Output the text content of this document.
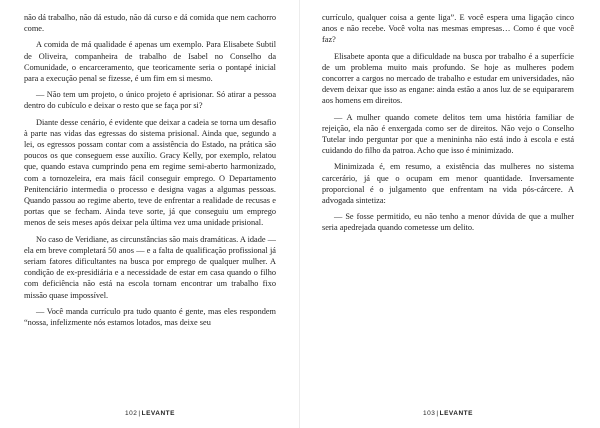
não dá trabalho, não dá estudo, não dá curso e dá comida que nem cachorro come.

A comida de má qualidade é apenas um exemplo. Para Elisabete Subtil de Oliveira, companheira de trabalho de Isabel no Conselho da Comunidade, o encarceramento, que teoricamente seria o pontapé inicial para a execução penal se fizesse, é um fim em si mesmo.

— Não tem um projeto, o único projeto é aprisionar. Só atirar a pessoa dentro do cubículo e deixar o resto que se faça por si?

Diante desse cenário, é evidente que deixar a cadeia se torna um desafio à parte nas vidas das egressas do sistema prisional. Ainda que, segundo a lei, os egressos possam contar com a assistência do Estado, na prática são poucos os que conseguem esse auxílio. Gracy Kelly, por exemplo, relatou que, quando estava cumprindo pena em regime semi-aberto harmonizado, com a tornozeleira, era mais fácil conseguir emprego. O Departamento Penitenciário intermedia o processo e designa vagas a algumas pessoas. Quando passou ao regime aberto, teve de enfrentar a realidade de recusas e portas que se fecham. Ainda teve sorte, já que conseguiu um emprego menos de seis meses após deixar pela última vez uma unidade prisional.

No caso de Veridiane, as circunstâncias são mais dramáticas. A idade — ela em breve completará 50 anos — e a falta de qualificação profissional já seriam fatores dificultantes na busca por emprego de qualquer mulher. A condição de ex-presidiária e a necessidade de estar em casa quando o filho com deficiência não está na escola tornam encontrar um trabalho fixo missão quase impossível.

— Você manda currículo pra tudo quanto é gente, mas eles respondem “nossa, infelizmente nós estamos lotados, mas deixe seu

102|LEVANTE

currículo, qualquer coisa a gente liga”. E você espera uma ligação cinco anos e não recebe. Você volta nas mesmas empresas… Como é que você faz?

Elisabete aponta que a dificuldade na busca por trabalho é a superfície de um problema muito mais profundo. Se hoje as mulheres podem concorrer a cargos no mercado de trabalho e estudar em universidades, não devem deixar que isso as engane: ainda estão a anos luz de se equipararem aos homens em direitos.

— A mulher quando comete delitos tem uma história familiar de rejeição, ela não é enxergada como ser de direitos. Não vejo o Conselho Tutelar indo perguntar por que a menininha não está indo à escola e está cuidando do filho da patroa. Acho que isso é minimizado.

Minimizada é, em resumo, a existência das mulheres no sistema carcerário, já que o ocupam em menor quantidade. Inversamente proporcional é o julgamento que enfrentam na vida pós-cárcere. A advogada sintetiza:

— Se fosse permitido, eu não tenho a menor dúvida de que a mulher seria apedrejada quando cometesse um delito.

103|LEVANTE
